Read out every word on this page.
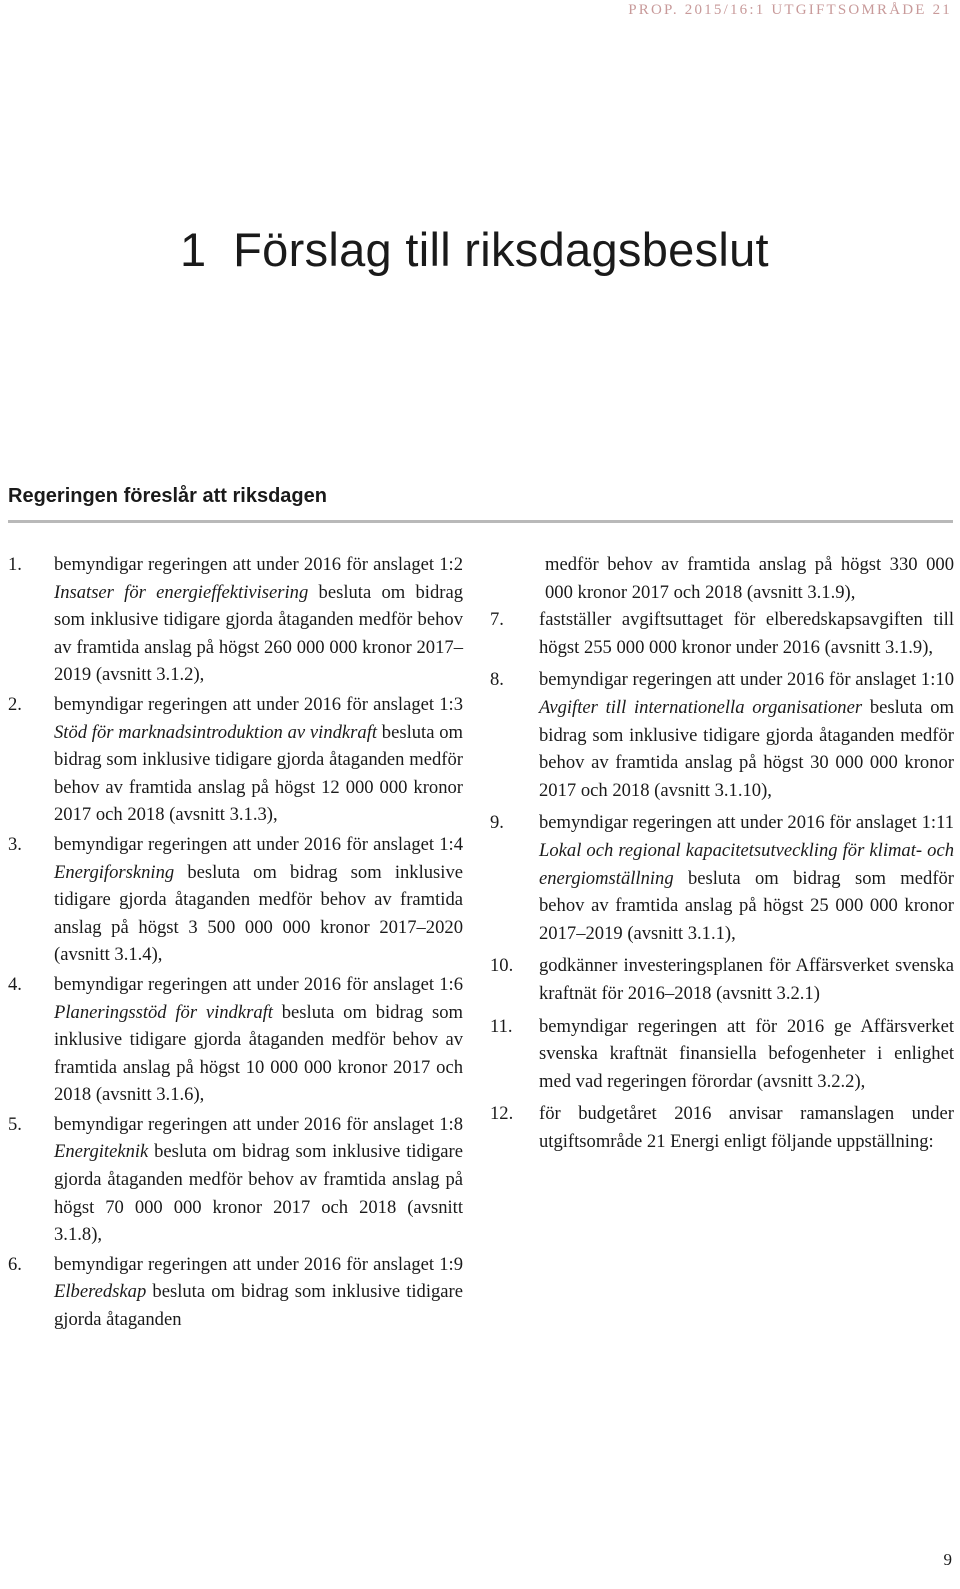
PROP. 2015/16:1 UTGIFTSOMRÅDE 21
1 Förslag till riksdagsbeslut
Regeringen föreslår att riksdagen
1.	bemyndigar regeringen att under 2016 för anslaget 1:2 Insatser för energieffektivisering besluta om bidrag som inklusive tidigare gjorda åtaganden medför behov av framtida anslag på högst 260 000 000 kronor 2017–2019 (avsnitt 3.1.2),
2.	bemyndigar regeringen att under 2016 för anslaget 1:3 Stöd för marknadsintroduktion av vindkraft besluta om bidrag som inklusive tidigare gjorda åtaganden medför behov av framtida anslag på högst 12 000 000 kronor 2017 och 2018 (avsnitt 3.1.3),
3.	bemyndigar regeringen att under 2016 för anslaget 1:4 Energiforskning besluta om bidrag som inklusive tidigare gjorda åtaganden medför behov av framtida anslag på högst 3 500 000 000 kronor 2017–2020 (avsnitt 3.1.4),
4.	bemyndigar regeringen att under 2016 för anslaget 1:6 Planeringsstöd för vindkraft besluta om bidrag som inklusive tidigare gjorda åtaganden medför behov av framtida anslag på högst 10 000 000 kronor 2017 och 2018 (avsnitt 3.1.6),
5.	bemyndigar regeringen att under 2016 för anslaget 1:8 Energiteknik besluta om bidrag som inklusive tidigare gjorda åtaganden medför behov av framtida anslag på högst 70 000 000 kronor 2017 och 2018 (avsnitt 3.1.8),
6.	bemyndigar regeringen att under 2016 för anslaget 1:9 Elberedskap besluta om bidrag som inklusive tidigare gjorda åtaganden
medför behov av framtida anslag på högst 330 000 000 kronor 2017 och 2018 (avsnitt 3.1.9),
7.	fastställer avgiftsuttaget för elberedskapsavgiften till högst 255 000 000 kronor under 2016 (avsnitt 3.1.9),
8.	bemyndigar regeringen att under 2016 för anslaget 1:10 Avgifter till internationella organisationer besluta om bidrag som inklusive tidigare gjorda åtaganden medför behov av framtida anslag på högst 30 000 000 kronor 2017 och 2018 (avsnitt 3.1.10),
9.	bemyndigar regeringen att under 2016 för anslaget 1:11 Lokal och regional kapacitetsutveckling för klimat- och energiomställning besluta om bidrag som medför behov av framtida anslag på högst 25 000 000 kronor 2017–2019 (avsnitt 3.1.1),
10.	godkänner investeringsplanen för Affärsverket svenska kraftnät för 2016–2018 (avsnitt 3.2.1)
11.	bemyndigar regeringen att för 2016 ge Affärsverket svenska kraftnät finansiella befogenheter i enlighet med vad regeringen förordar (avsnitt 3.2.2),
12.	för budgetåret 2016 anvisar ramanslagen under utgiftsområde 21 Energi enligt följande uppställning:
9
